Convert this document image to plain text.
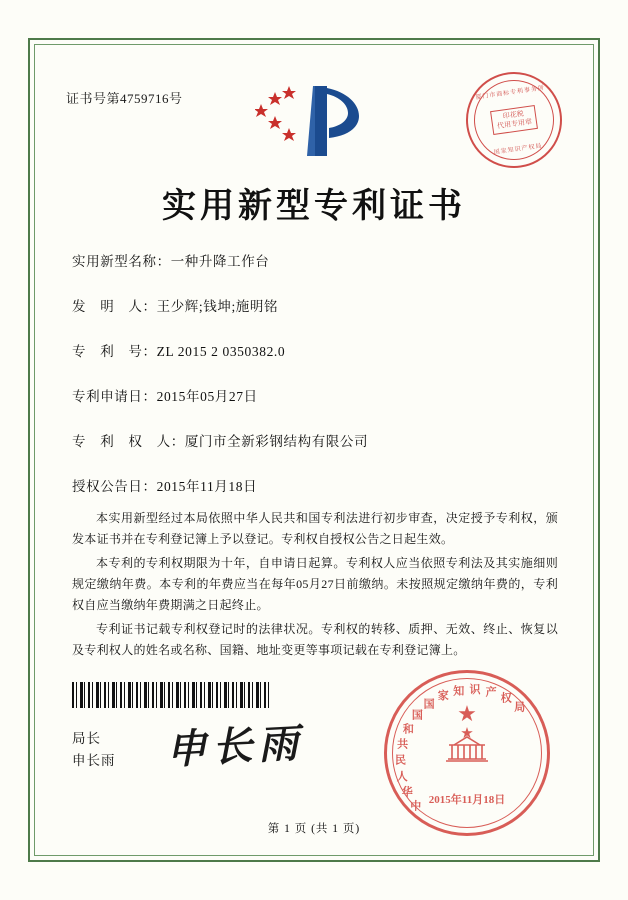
证书号第4759716号	厦门市商标专利事务所
印花税
代用专用章
国家知识产权局
实用新型专利证书
实用新型名称：一种升降工作台
发　明　人：王少辉;钱坤;施明铭
专　利　号：ZL 2015 2 0350382.0
专利申请日：2015年05月27日
专　利　权　人：厦门市全新彩钢结构有限公司
授权公告日：2015年11月18日

本实用新型经过本局依照中华人民共和国专利法进行初步审查，决定授予专利权，颁发本证书并在专利登记簿上予以登记。专利权自授权公告之日起生效。

本专利的专利权期限为十年，自申请日起算。专利权人应当依照专利法及其实施细则规定缴纳年费。本专利的年费应当在每年05月27日前缴纳。未按照规定缴纳年费的，专利权自应当缴纳年费期满之日起终止。

专利证书记载专利权登记时的法律状况。专利权的转移、质押、无效、终止、恢复以及专利权人的姓名或名称、国籍、地址变更等事项记载在专利登记簿上。

局长
申长雨 申长雨
★
中
华
人
民
共
和
国
国
家 知 识 产 权
局
2015年11月18日
第 1 页 (共 1 页)
